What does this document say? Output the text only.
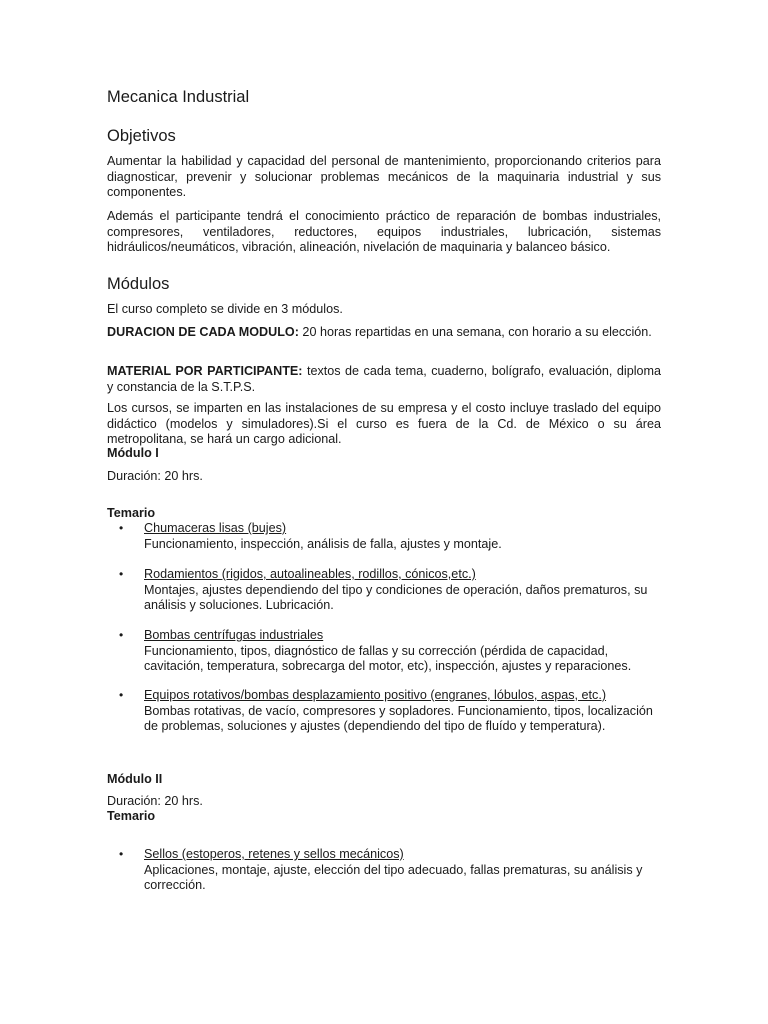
Mecanica Industrial
Objetivos
Aumentar la habilidad y capacidad del personal de mantenimiento, proporcionando criterios para diagnosticar, prevenir y solucionar problemas mecánicos de la maquinaria industrial y sus componentes.
Además el participante tendrá el conocimiento práctico de reparación de bombas industriales, compresores, ventiladores, reductores, equipos industriales, lubricación, sistemas hidráulicos/neumáticos, vibración, alineación, nivelación de maquinaria y balanceo básico.
Módulos
El curso completo se divide en 3 módulos.
DURACION DE CADA MODULO: 20 horas repartidas en una semana, con horario a su elección.
MATERIAL POR PARTICIPANTE: textos de cada tema, cuaderno, bolígrafo, evaluación, diploma y constancia de la S.T.P.S.
Los cursos, se imparten en las instalaciones de su empresa y el costo incluye traslado del equipo didáctico (modelos y simuladores).Si el curso es fuera de la Cd. de México o su área metropolitana, se hará un cargo adicional.
Módulo I
Duración: 20 hrs.
Temario
• Chumaceras lisas (bujes)
Funcionamiento, inspección, análisis de falla, ajustes y montaje.
• Rodamientos (rigidos, autoalineables, rodillos, cónicos,etc.)
Montajes, ajustes dependiendo del tipo y condiciones de operación, daños prematuros, su análisis y soluciones. Lubricación.
• Bombas centrífugas industriales
Funcionamiento, tipos, diagnóstico de fallas y su corrección (pérdida de capacidad, cavitación, temperatura, sobrecarga del motor, etc), inspección, ajustes y reparaciones.
• Equipos rotativos/bombas desplazamiento positivo (engranes, lóbulos, aspas, etc.)
Bombas rotativas, de vacío, compresores y sopladores. Funcionamiento, tipos, localización de problemas, soluciones y ajustes (dependiendo del tipo de fluído y temperatura).
Módulo II
Duración: 20 hrs.
Temario
• Sellos (estoperos, retenes y sellos mecánicos)
Aplicaciones, montaje, ajuste, elección del tipo adecuado, fallas prematuras, su análisis y corrección.
